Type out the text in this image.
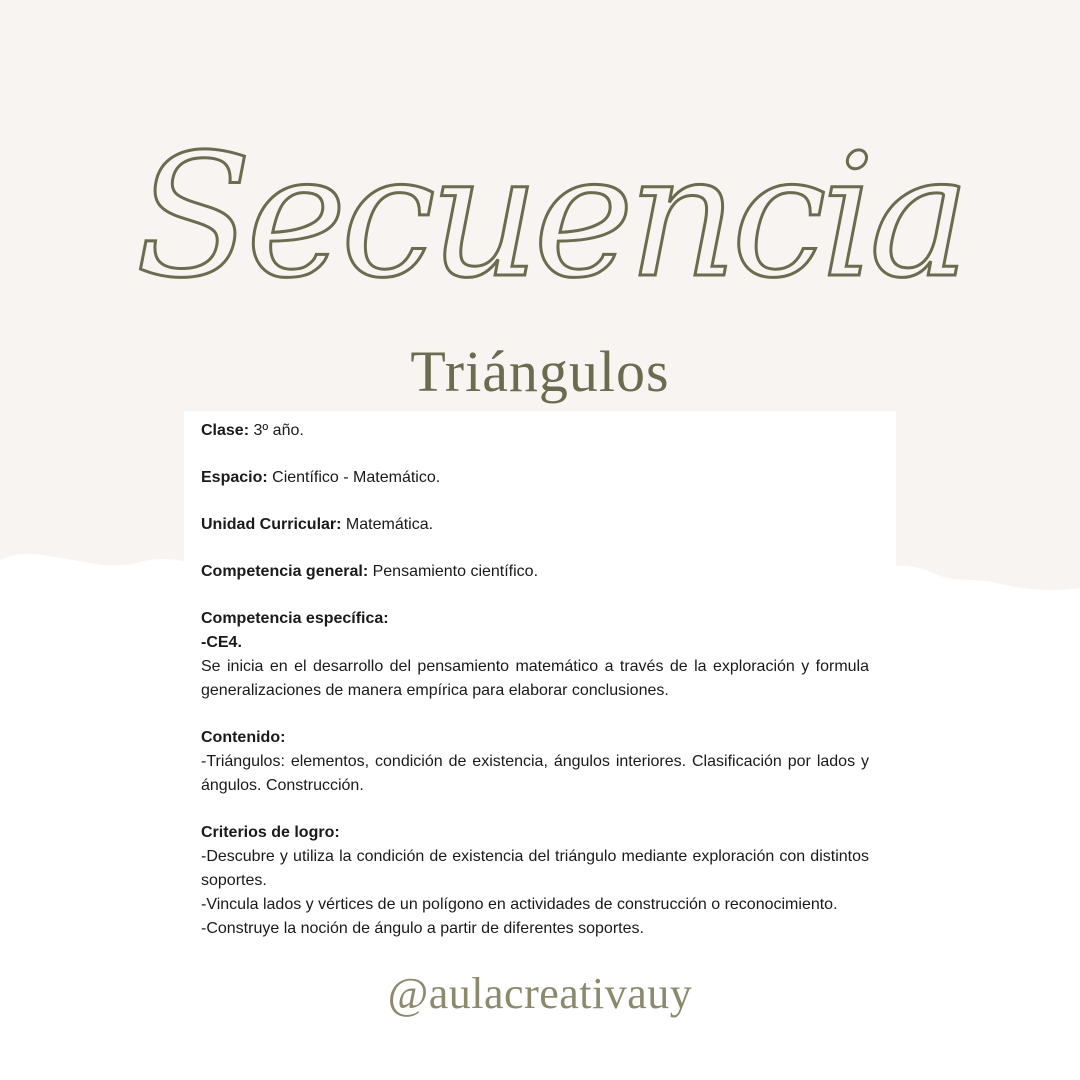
Secuencia
Triángulos

Clase: 3º año.

Espacio: Científico - Matemático.

Unidad Curricular: Matemática.

Competencia general: Pensamiento científico.

Competencia específica:

-CE4.
Se inicia en el desarrollo del pensamiento matemático a través de la exploración y formula generalizaciones de manera empírica para elaborar conclusiones.

Contenido:

-Triángulos: elementos, condición de existencia, ángulos interiores. Clasificación por lados y ángulos. Construcción.

Criterios de logro:

-Descubre y utiliza la condición de existencia del triángulo mediante exploración con distintos soportes.

-Vincula lados y vértices de un polígono en actividades de construcción o reconocimiento.

-Construye la noción de ángulo a partir de diferentes soportes.

@aulacreativauy
